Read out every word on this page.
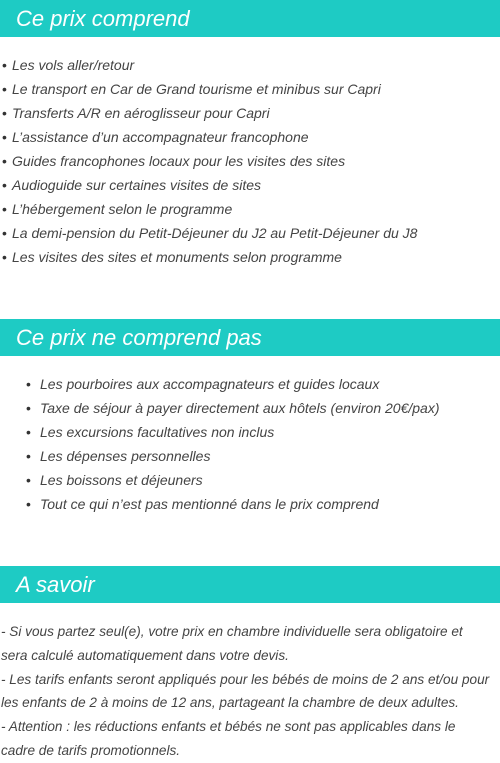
Ce prix comprend
• Les vols aller/retour
• Le transport en Car de Grand tourisme et minibus sur Capri
• Transferts A/R en aéroglisseur pour Capri
• L’assistance d’un accompagnateur francophone
• Guides francophones locaux pour les visites des sites
• Audioguide sur certaines visites de sites
• L’hébergement selon le programme
• La demi-pension du Petit-Déjeuner du J2 au Petit-Déjeuner du J8
• Les visites des sites et monuments selon programme
Ce prix ne comprend pas
• Les pourboires aux accompagnateurs et guides locaux
• Taxe de séjour à payer directement aux hôtels (environ 20€/pax)
• Les excursions facultatives non inclus
• Les dépenses personnelles
• Les boissons et déjeuners
• Tout ce qui n’est pas mentionné dans le prix comprend
A savoir

- Si vous partez seul(e), votre prix en chambre individuelle sera obligatoire et

sera calculé automatiquement dans votre devis.

- Les tarifs enfants seront appliqués pour les bébés de moins de 2 ans et/ou pour

les enfants de 2 à moins de 12 ans, partageant la chambre de deux adultes.

- Attention : les réductions enfants et bébés ne sont pas applicables dans le

cadre de tarifs promotionnels.
